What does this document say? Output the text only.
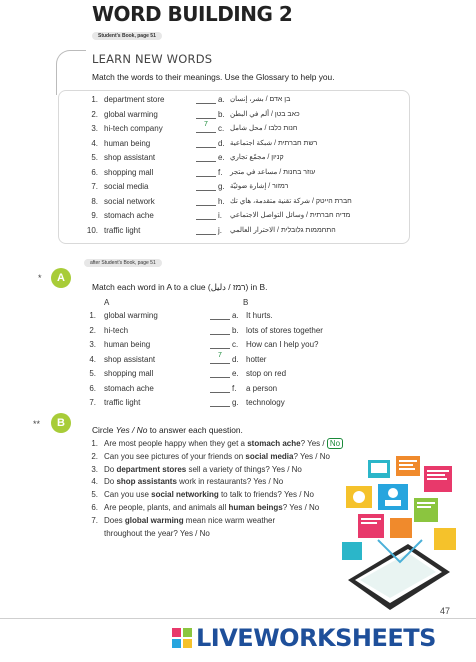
WORD BUILDING 2
Student's Book, page 51
LEARN NEW WORDS
Match the words to their meanings. Use the Glossary to help you.
1. department store	a. בן אדם / بشر، إنسان
2. global warming	b. כאב בטן / ألم في البطن
3. hi-tech company	7	c. חנות כלבו / محل شامل
4. human being	d. רשת חברתית / شبكة اجتماعية
5. shop assistant	e. קניון / مجمّع تجاري
6. shopping mall	f. עוזר בחנות / مساعد في متجر
7. social media	g. רמזור / إشارة ضوئيّة
8. social network	h. חברת הייטק / شركة تقنية متقدمة، هاي تك
9. stomach ache	i. מדיה חברתית / وسائل التواصل الاجتماعي
10. traffic light	j. התחממות גלובלית / الاحترار العالمي
after Student's Book, page 51
*	A
Match each word in A to a clue (רמז / دليل) in B.
A	B
1. global warming	a. It hurts.
2. hi-tech	b. lots of stores together
3. human being	c. How can I help you?
4. shop assistant	7	d. hotter
5. shopping mall	e. stop on red
6. stomach ache	f. a person
7. traffic light	g. technology
**	B
Circle Yes / No to answer each question.
1. Are most people happy when they get a stomach ache? Yes / No
2. Can you see pictures of your friends on social media? Yes / No
3. Do department stores sell a variety of things? Yes / No
4. Do shop assistants work in restaurants? Yes / No
5. Can you use social networking to talk to friends? Yes / No
6. Are people, plants, and animals all human beings? Yes / No
7. Does global warming mean nice warm weather
throughout the year? Yes / No
47
LIVEWORKSHEETS
